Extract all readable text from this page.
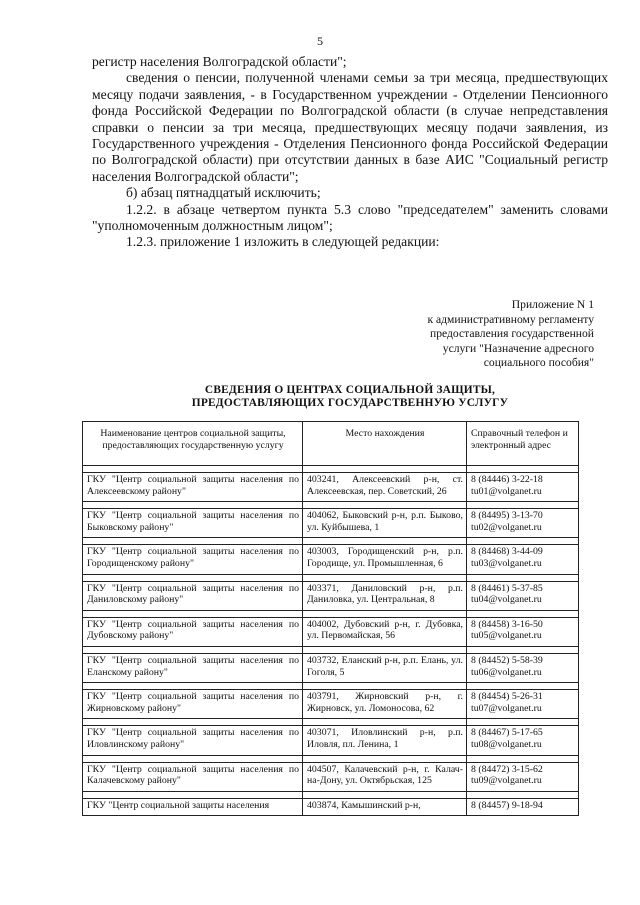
5

регистр населения Волгоградской области";

сведения о пенсии, полученной членами семьи за три месяца, предшествующих месяцу подачи заявления, - в Государственном учреждении - Отделении Пенсионного фонда Российской Федерации по Волгоградской области (в случае непредставления справки о пенсии за три месяца, предшествующих месяцу подачи заявления, из Государственного учреждения - Отделения Пенсионного фонда Российской Федерации по Волгоградской области) при отсутствии данных в базе АИС "Социальный регистр населения Волгоградской области";

б) абзац пятнадцатый исключить;

1.2.2. в абзаце четвертом пункта 5.3 слово "председателем" заменить словами "уполномоченным должностным лицом";

1.2.3. приложение 1 изложить в следующей редакции:

Приложение N 1
к административному регламенту
предоставления государственной
услуги "Назначение адресного
социального пособия"
СВЕДЕНИЯ О ЦЕНТРАХ СОЦИАЛЬНОЙ ЗАЩИТЫ,
ПРЕДОСТАВЛЯЮЩИХ ГОСУДАРСТВЕННУЮ УСЛУГУ
Наименование центров социальной защиты, предоставляющих государственную услугу	Место нахождения	Справочный телефон и электронный адрес

ГКУ "Центр социальной защиты населения по Алексеевскому району"	403241, Алексеевский р-н, ст. Алексеевская, пер. Советский, 26	8 (84446) 3-22-18
tu01@volganet.ru

ГКУ "Центр социальной защиты населения по Быковскому району"	404062, Быковский р-н, р.п. Быково, ул. Куйбышева, 1	8 (84495) 3-13-70
tu02@volganet.ru

ГКУ "Центр социальной защиты населения по Городищенскому району"	403003, Городищенский р-н, р.п. Городище, ул. Промышленная, 6	8 (84468) 3-44-09
tu03@volganet.ru

ГКУ "Центр социальной защиты населения по Даниловскому району"	403371, Даниловский р-н, р.п. Даниловка, ул. Центральная, 8	8 (84461) 5-37-85
tu04@volganet.ru

ГКУ "Центр социальной защиты населения по Дубовскому району"	404002, Дубовский р-н, г. Дубовка, ул. Первомайская, 56	8 (84458) 3-16-50
tu05@volganet.ru

ГКУ "Центр социальной защиты населения по Еланскому району"	403732, Еланский р-н, р.п. Елань, ул. Гоголя, 5	8 (84452) 5-58-39
tu06@volganet.ru

ГКУ "Центр социальной защиты населения по Жирновскому району"	403791, Жирновский р-н, г. Жирновск, ул. Ломоносова, 62	8 (84454) 5-26-31
tu07@volganet.ru

ГКУ "Центр социальной защиты населения по Иловлинскому району"	403071, Иловлинский р-н, р.п. Иловля, пл. Ленина, 1	8 (84467) 5-17-65
tu08@volganet.ru

ГКУ "Центр социальной защиты населения по Калачевскому району"	404507, Калачевский р-н, г. Калач-на-Дону, ул. Октябрьская, 125	8 (84472) 3-15-62
tu09@volganet.ru

ГКУ "Центр социальной защиты населения	403874, Камышинский р-н,	8 (84457) 9-18-94
